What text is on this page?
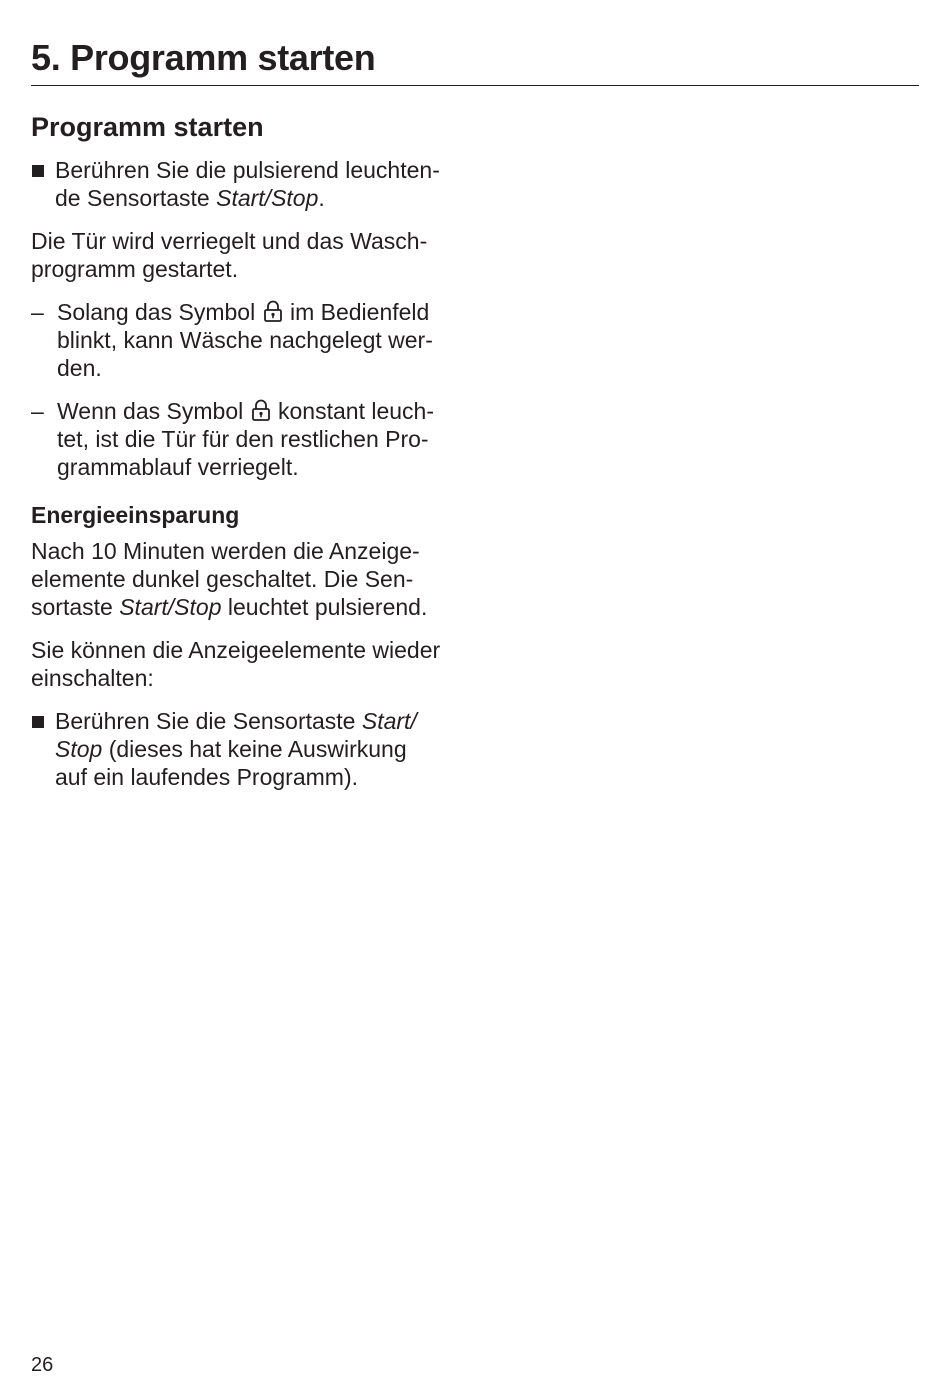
5. Programm starten
Programm starten
Berühren Sie die pulsierend leuchten-
de Sensortaste Start/Stop.
Die Tür wird verriegelt und das Wasch-
programm gestartet.
– Solang das Symbol im Bedienfeld
blinkt, kann Wäsche nachgelegt wer-
den.
– Wenn das Symbol konstant leuch-
tet, ist die Tür für den restlichen Pro-
grammablauf verriegelt.
Energieeinsparung
Nach 10 Minuten werden die Anzeige-
elemente dunkel geschaltet. Die Sen-
sortaste Start/Stop leuchtet pulsierend.
Sie können die Anzeigeelemente wieder
einschalten:
Berühren Sie die Sensortaste Start/
Stop (dieses hat keine Auswirkung
auf ein laufendes Programm).
26
